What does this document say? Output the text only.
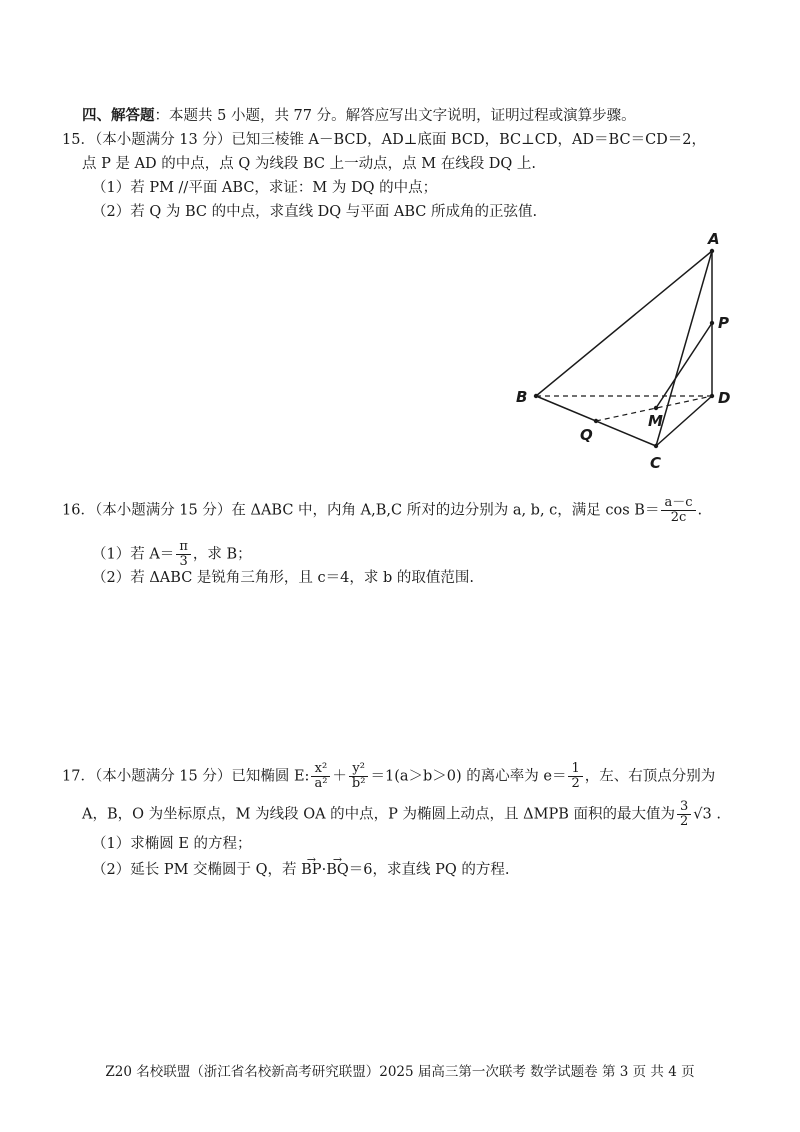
四、解答题：本题共 5 小题，共 77 分。解答应写出文字说明，证明过程或演算步骤。
15．（本小题满分 13 分）已知三棱锥 A－BCD，AD⊥底面 BCD，BC⊥CD，AD＝BC＝CD＝2，
点 P 是 AD 的中点，点 Q 为线段 BC 上一动点，点 M 在线段 DQ 上.
（1）若 PM //平面 ABC，求证：M 为 DQ 的中点；
（2）若 Q 为 BC 的中点，求直线 DQ 与平面 ABC 所成角的正弦值.
A
P
B	D
M
Q
C
16．（本小题满分 15 分）在 ΔABC 中，内角 A,B,C 所对的边分别为 a, b, c，满足 $\cos B= \frac{a-c}{2c}$ .
（1）若 $A= \frac{\pi}{3}$ ，求 B；
（2）若 ΔABC 是锐角三角形，且 c＝4，求 b 的取值范围.
17．（本小题满分 15 分）已知椭圆 E: $\frac{\text{x²}}{\text{a²}} + \frac{\text{y²}}{\text{b²}} =1(a>b>0)$ 的离心率为 $e= \frac{1}{2}$ ，左、右顶点分别为
A，B，O 为坐标原点，M 为线段 OA 的中点，P 为椭圆上动点，且 ΔMPB 面积的最大值为 $\frac{3}{2} √3$ .
（1）求椭圆 E 的方程；
（2）延长 PM 交椭圆于 Q，若 → BP·→ BQ＝6，求直线 PQ 的方程.
Z20 名校联盟（浙江省名校新高考研究联盟）2025 届高三第一次联考 数学试题卷 第 3 页 共 4 页
